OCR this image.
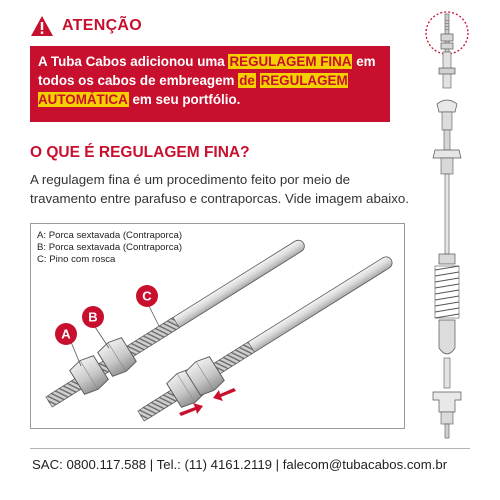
ATENÇÃO
A Tuba Cabos adicionou uma REGULAGEM FINA em todos os cabos de embreagem de REGULAGEM AUTOMÁTICA em seu portfólio.
O QUE É REGULAGEM FINA?
A regulagem fina é um procedimento feito por meio de travamento entre parafuso e contraporcas. Vide imagem abaixo.
A
B
C
A: Porca sextavada (Contraporca)
B: Porca sextavada (Contraporca)
C: Pino com rosca
SAC: 0800.117.588 | Tel.: (11) 4161.2119 | falecom@tubacabos.com.br
